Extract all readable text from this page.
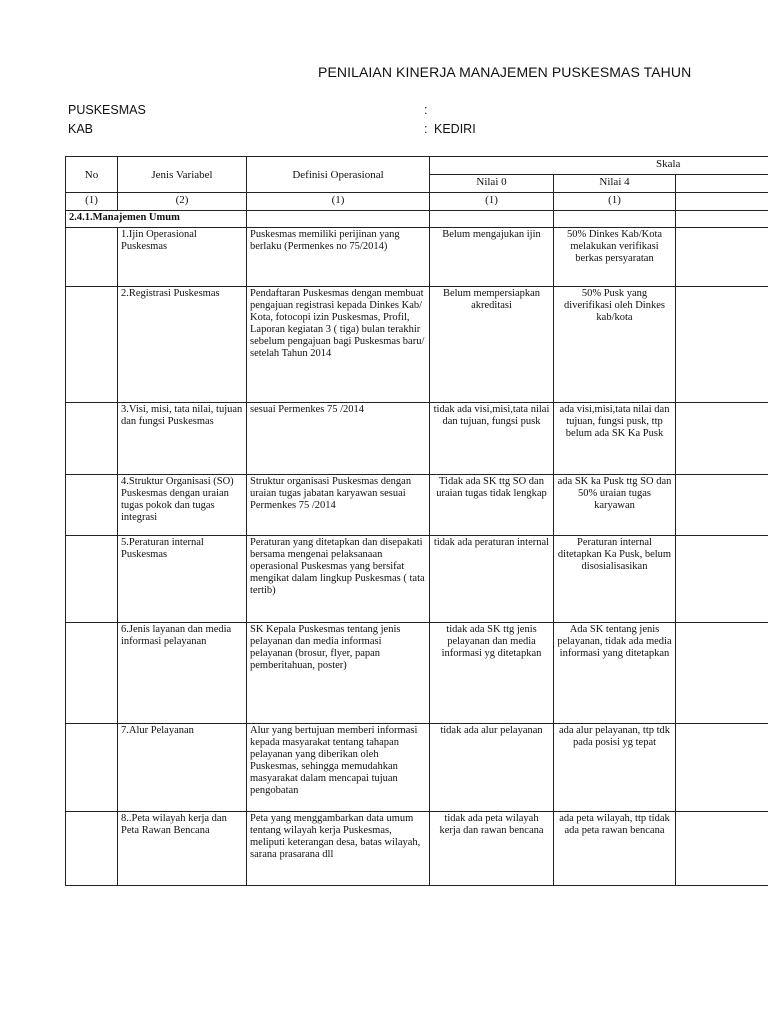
PENILAIAN KINERJA MANAJEMEN PUSKESMAS TAHUN
PUSKESMAS	:
KAB	: KEDIRI
No	Jenis Variabel	Definisi Operasional	Skala		
			Nilai 0	Nilai 4	
(1)	(2)	(1)	(1)	(1)	
2.4.1.Manajemen Umum					
	1.Ijin Operasional Puskesmas	Puskesmas memiliki perijinan yang berlaku (Permenkes no 75/2014)	Belum mengajukan ijin	50% Dinkes Kab/Kota melakukan verifikasi berkas persyaratan	
	2.Registrasi Puskesmas	Pendaftaran Puskesmas dengan membuat pengajuan registrasi kepada Dinkes Kab/ Kota, fotocopi izin Puskesmas, Profil, Laporan kegiatan 3 ( tiga) bulan terakhir sebelum pengajuan bagi Puskesmas baru/ setelah Tahun 2014	Belum mempersiapkan akreditasi	50% Pusk yang diverifikasi oleh Dinkes kab/kota	
	3.Visi, misi, tata nilai, tujuan dan fungsi Puskesmas	sesuai Permenkes 75 /2014	tidak ada visi,misi,tata nilai dan tujuan, fungsi pusk	ada visi,misi,tata nilai dan tujuan, fungsi pusk, ttp belum ada SK Ka Pusk	
	4.Struktur Organisasi (SO) Puskesmas dengan uraian tugas pokok dan tugas integrasi	Struktur organisasi Puskesmas dengan uraian tugas jabatan karyawan sesuai Permenkes 75 /2014	Tidak ada SK ttg SO dan uraian tugas tidak lengkap	ada SK ka Pusk ttg SO dan 50% uraian tugas karyawan	
	5.Peraturan internal Puskesmas	Peraturan yang ditetapkan dan disepakati bersama mengenai pelaksanaan operasional Puskesmas yang bersifat mengikat dalam lingkup Puskesmas ( tata tertib)	tidak ada peraturan internal	Peraturan internal ditetapkan Ka Pusk, belum disosialisasikan	
	6.Jenis layanan dan media informasi pelayanan	SK Kepala Puskesmas tentang jenis pelayanan dan media informasi pelayanan (brosur, flyer, papan pemberitahuan, poster)	tidak ada SK ttg jenis pelayanan dan media informasi yg ditetapkan	Ada SK tentang jenis pelayanan, tidak ada media informasi yang ditetapkan	
	7.Alur Pelayanan	Alur yang bertujuan memberi informasi kepada masyarakat tentang tahapan pelayanan yang diberikan oleh Puskesmas, sehingga memudahkan masyarakat dalam mencapai tujuan pengobatan	tidak ada alur pelayanan	ada alur pelayanan, ttp tdk pada posisi yg tepat	
	8..Peta wilayah kerja dan Peta Rawan Bencana	Peta yang menggambarkan data umum tentang wilayah kerja Puskesmas, meliputi keterangan desa, batas wilayah, sarana prasarana dll	tidak ada peta wilayah kerja dan rawan bencana	ada peta wilayah, ttp tidak ada peta rawan bencana	
